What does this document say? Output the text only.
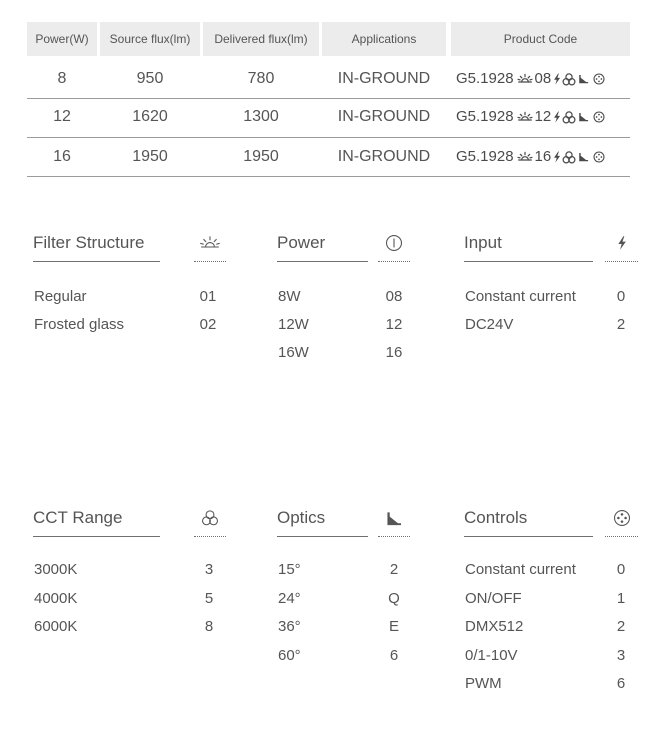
Power(W)	Source flux(lm)	Delivered flux(lm)	Applications	Product Code
8	950	780	IN-GROUND	G5.1928 08
12	1620	1300	IN-GROUND	G5.1928 12
16	1950	1950	IN-GROUND	G5.1928 16
Filter Structure
Regular	01
Frosted glass	02
Power
8W	08
12W	12
16W	16
Input
Constant current	0
DC24V	2
CCT Range
3000K	3
4000K	5
6000K	8
Optics
15°	2
24°	Q
36°	E
60°	6
Controls
Constant current	0
ON/OFF	1
DMX512	2
0/1-10V	3
PWM	6
